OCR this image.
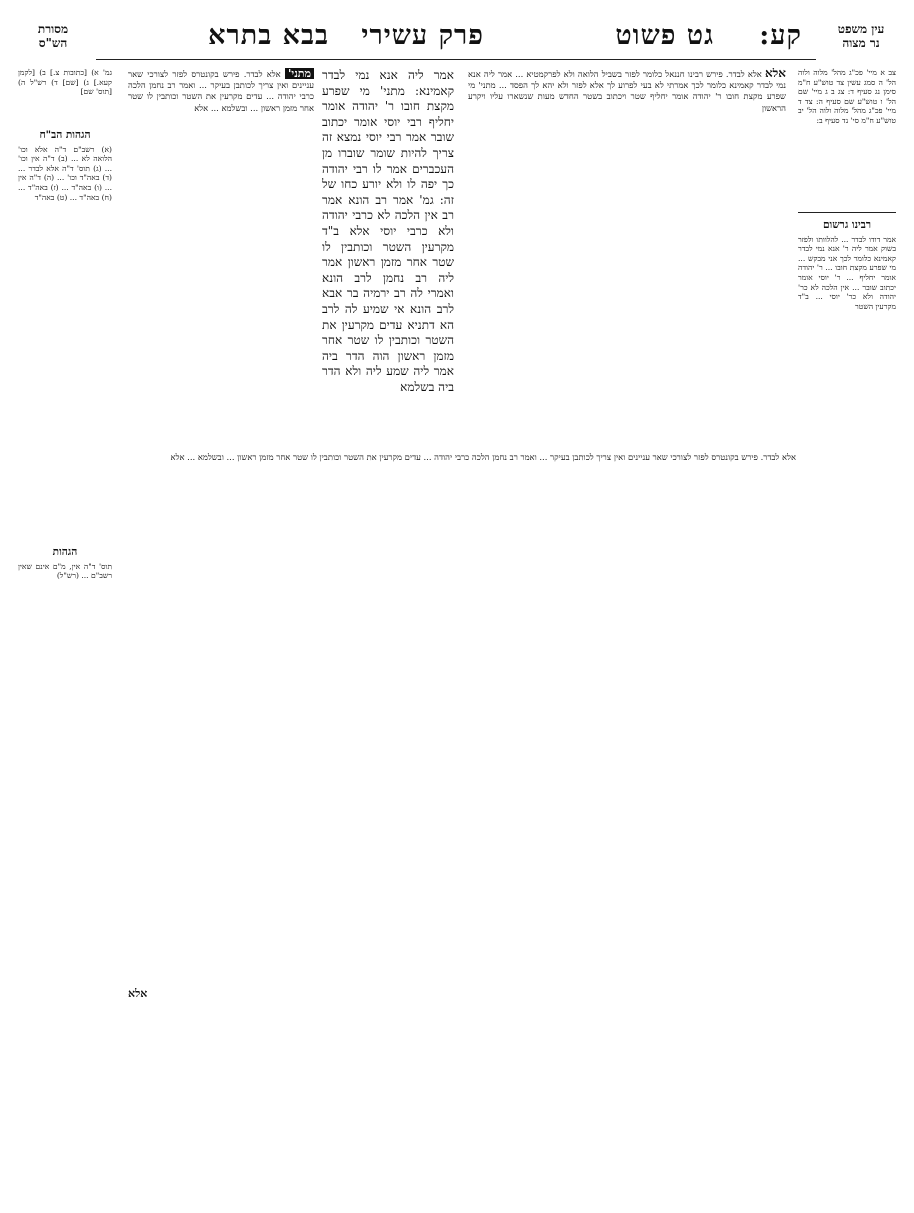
עין משפט
נר מצוה
קע:
גט פשוט
פרק עשירי
בבא בתרא
מסורת
הש"ס

צב א מיי' פכ"ג מהל' מלוה ולוה הל' ה סמג עשין צד טוש"ע ח"מ סימן נג סעיף ד: צג ב ג מיי' שם הל' ו טוש"ע שם סעיף ה: צד ד מיי' פכ"ג מהל' מלוה ולוה הל' יב טוש"ע ח"מ סי' נד סעיף ב:

רבינו גרשום

אמר דודו לבדר ... להלוותו ולפזר בשוק אמר ליה ר' אנא נמי לבדר קאמינא כלומר לכך אני מבקש ... מי שפרע מקצת חובו ... ר' יהודה אומר יחליף ... ר' יוסי אומר יכתוב שובר ... אין הלכה לא כר' יהודה ולא כר' יוסי ... ב"ד מקרעין השטר

גמ' א) [כתובות צ.] ב) [לקמן קעא.] ג) [שם] ד) רש"ל ה) [תוס' שם]

הגהות הב"ח

(א) רשב"ם ד"ה אלא וכו' הלואה לא ... (ב) ד"ה אין וכו' ... (ג) תוס' ד"ה אלא לבדר ... (ד) באה"ד וכו' ... (ה) ד"ה אין ... (ו) באה"ד ... (ז) באה"ד ... (ח) באה"ד ... (ט) באה"ד

הגהות

תוס' ד"ה אין, מ"ם אינם שאין רשב"ם ... (רש"ל)

אלא אלא לבדר. פירש רבינו חננאל כלומר לפזר בשביל הלואה ולא לפרקמטיא ... אמר ליה אנא נמי לבדר קאמינא כלומר לכך אמרתי לא בעי לפרוע לך אלא לפזר ולא יהא לך הפסד ... מתני' מי שפרע מקצת חובו ר' יהודה אומר יחליף שטר ויכתוב בשטר החדש מעות שנשארו עליו ויקרע הראשון

אמר ליה אנא נמי לבדר קאמינא: מתני' מי שפרע מקצת חובו ר' יהודה אומר יחליף רבי יוסי אומר יכתוב שובר אמר רבי יוסי נמצא זה צריך להיות שומר שוברו מן העכברים אמר לו רבי יהודה כך יפה לו ולא יורע כחו של זה: גמ' אמר רב הונא אמר רב אין הלכה לא כרבי יהודה ולא כרבי יוסי אלא ב"ד מקרעין השטר וכותבין לו שטר אחר מזמן ראשון אמר ליה רב נחמן לרב הונא ואמרי לה רב ירמיה בר אבא לרב הונא אי שמיע לה לרב הא דתניא עדים מקרעין את השטר וכותבין לו שטר אחר מזמן ראשון הוה הדר ביה אמר ליה שמע ליה ולא הדר ביה בשלמא

מתני' אלא לבדר. פירש בקונטרס לפזר לצורכי שאר עניינים ואין צריך לכותבן בעיקר ... ואמר רב נחמן הלכה כרבי יהודה ... עדים מקרעין את השטר וכותבין לו שטר אחר מזמן ראשון ... ובשלמא ... אלא

אלא לבדר. פירש בקונטרס לפזר לצורכי שאר עניינים ואין צריך לכותבן בעיקר ... ואמר רב נחמן הלכה כרבי יהודה ... עדים מקרעין את השטר וכותבין לו שטר אחר מזמן ראשון ... ובשלמא ... אלא

אלא
